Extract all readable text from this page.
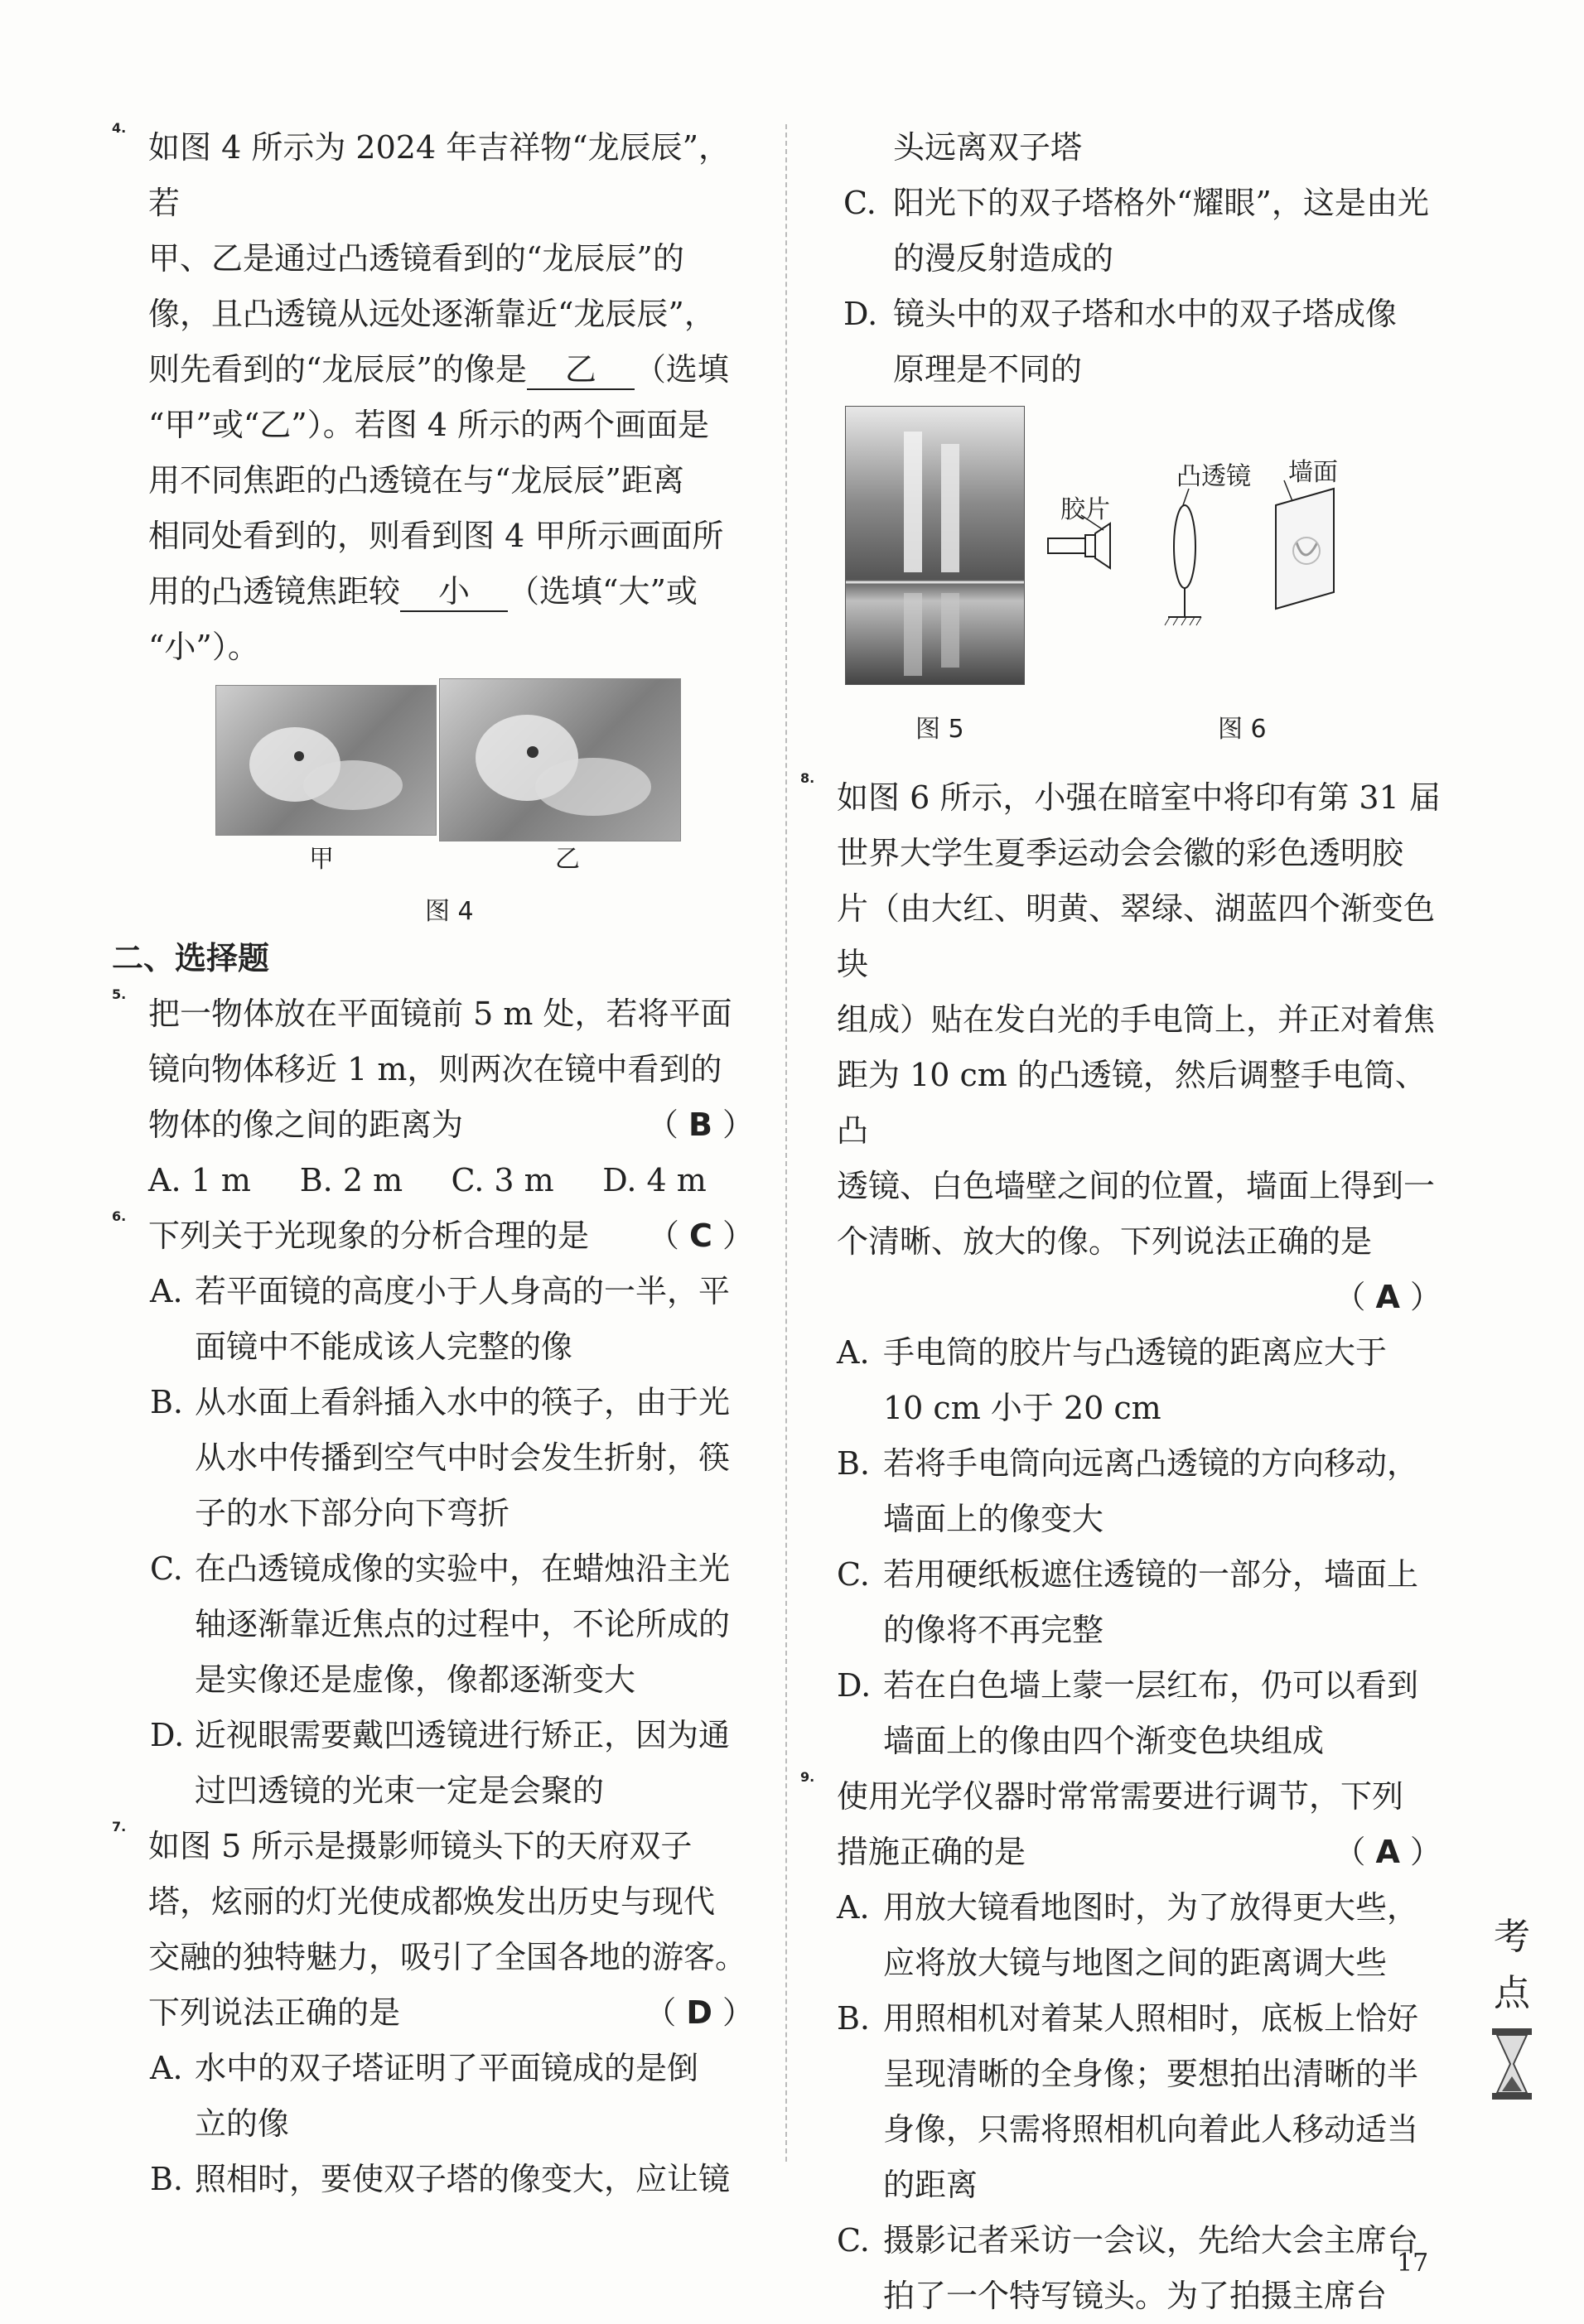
4.

如图 4 所示为 2024 年吉祥物“龙辰辰”，若

甲、乙是通过凸透镜看到的“龙辰辰”的

像，且凸透镜从远处逐渐靠近“龙辰辰”，

则先看到的“龙辰辰”的像是 乙 （选填

“甲”或“乙”）。若图 4 所示的两个画面是

用不同焦距的凸透镜在与“龙辰辰”距离

相同处看到的，则看到图 4 甲所示画面所

用的凸透镜焦距较 小 （选填“大”或

“小”）。

甲	乙
图 4

二、选择题

5.

把一物体放在平面镜前 5 m 处，若将平面

镜向物体移近 1 m，则两次在镜中看到的

物体的像之间的距离为	（ B ）

A. 1 m	B. 2 m	C. 3 m	D. 4 m
6.

下列关于光现象的分析合理的是 （ C ）

A. 若平面镜的高度小于人身高的一半，平

面镜中不能成该人完整的像

B. 从水面上看斜插入水中的筷子，由于光

从水中传播到空气中时会发生折射，筷

子的水下部分向下弯折

C. 在凸透镜成像的实验中，在蜡烛沿主光

轴逐渐靠近焦点的过程中，不论所成的

是实像还是虚像，像都逐渐变大

D. 近视眼需要戴凹透镜进行矫正，因为通

过凹透镜的光束一定是会聚的

7.

如图 5 所示是摄影师镜头下的天府双子

塔，炫丽的灯光使成都焕发出历史与现代

交融的独特魅力，吸引了全国各地的游客。

下列说法正确的是	（ D ）

A. 水中的双子塔证明了平面镜成的是倒

立的像

B. 照相时，要使双子塔的像变大，应让镜

头远离双子塔

C. 阳光下的双子塔格外“耀眼”，这是由光

的漫反射造成的

D. 镜头中的双子塔和水中的双子塔成像

原理是不同的

图 5
凸透镜 墙面
胶片
图 6
8.

如图 6 所示，小强在暗室中将印有第 31 届

世界大学生夏季运动会会徽的彩色透明胶

片（由大红、明黄、翠绿、湖蓝四个渐变色块

组成）贴在发白光的手电筒上，并正对着焦

距为 10 cm 的凸透镜，然后调整手电筒、凸

透镜、白色墙壁之间的位置，墙面上得到一

个清晰、放大的像。下列说法正确的是

（ A ）

A. 手电筒的胶片与凸透镜的距离应大于

10 cm 小于 20 cm

B. 若将手电筒向远离凸透镜的方向移动，

墙面上的像变大

C. 若用硬纸板遮住透镜的一部分，墙面上

的像将不再完整

D. 若在白色墙上蒙一层红布，仍可以看到

墙面上的像由四个渐变色块组成

9.

使用光学仪器时常常需要进行调节，下列

措施正确的是	（ A ）

A. 用放大镜看地图时，为了放得更大些，

应将放大镜与地图之间的距离调大些

B. 用照相机对着某人照相时，底板上恰好

呈现清晰的全身像；要想拍出清晰的半

身像，只需将照相机向着此人移动适当

的距离

C. 摄影记者采访一会议，先给大会主席台

拍了一个特写镜头。为了拍摄主席台

考
点
17
